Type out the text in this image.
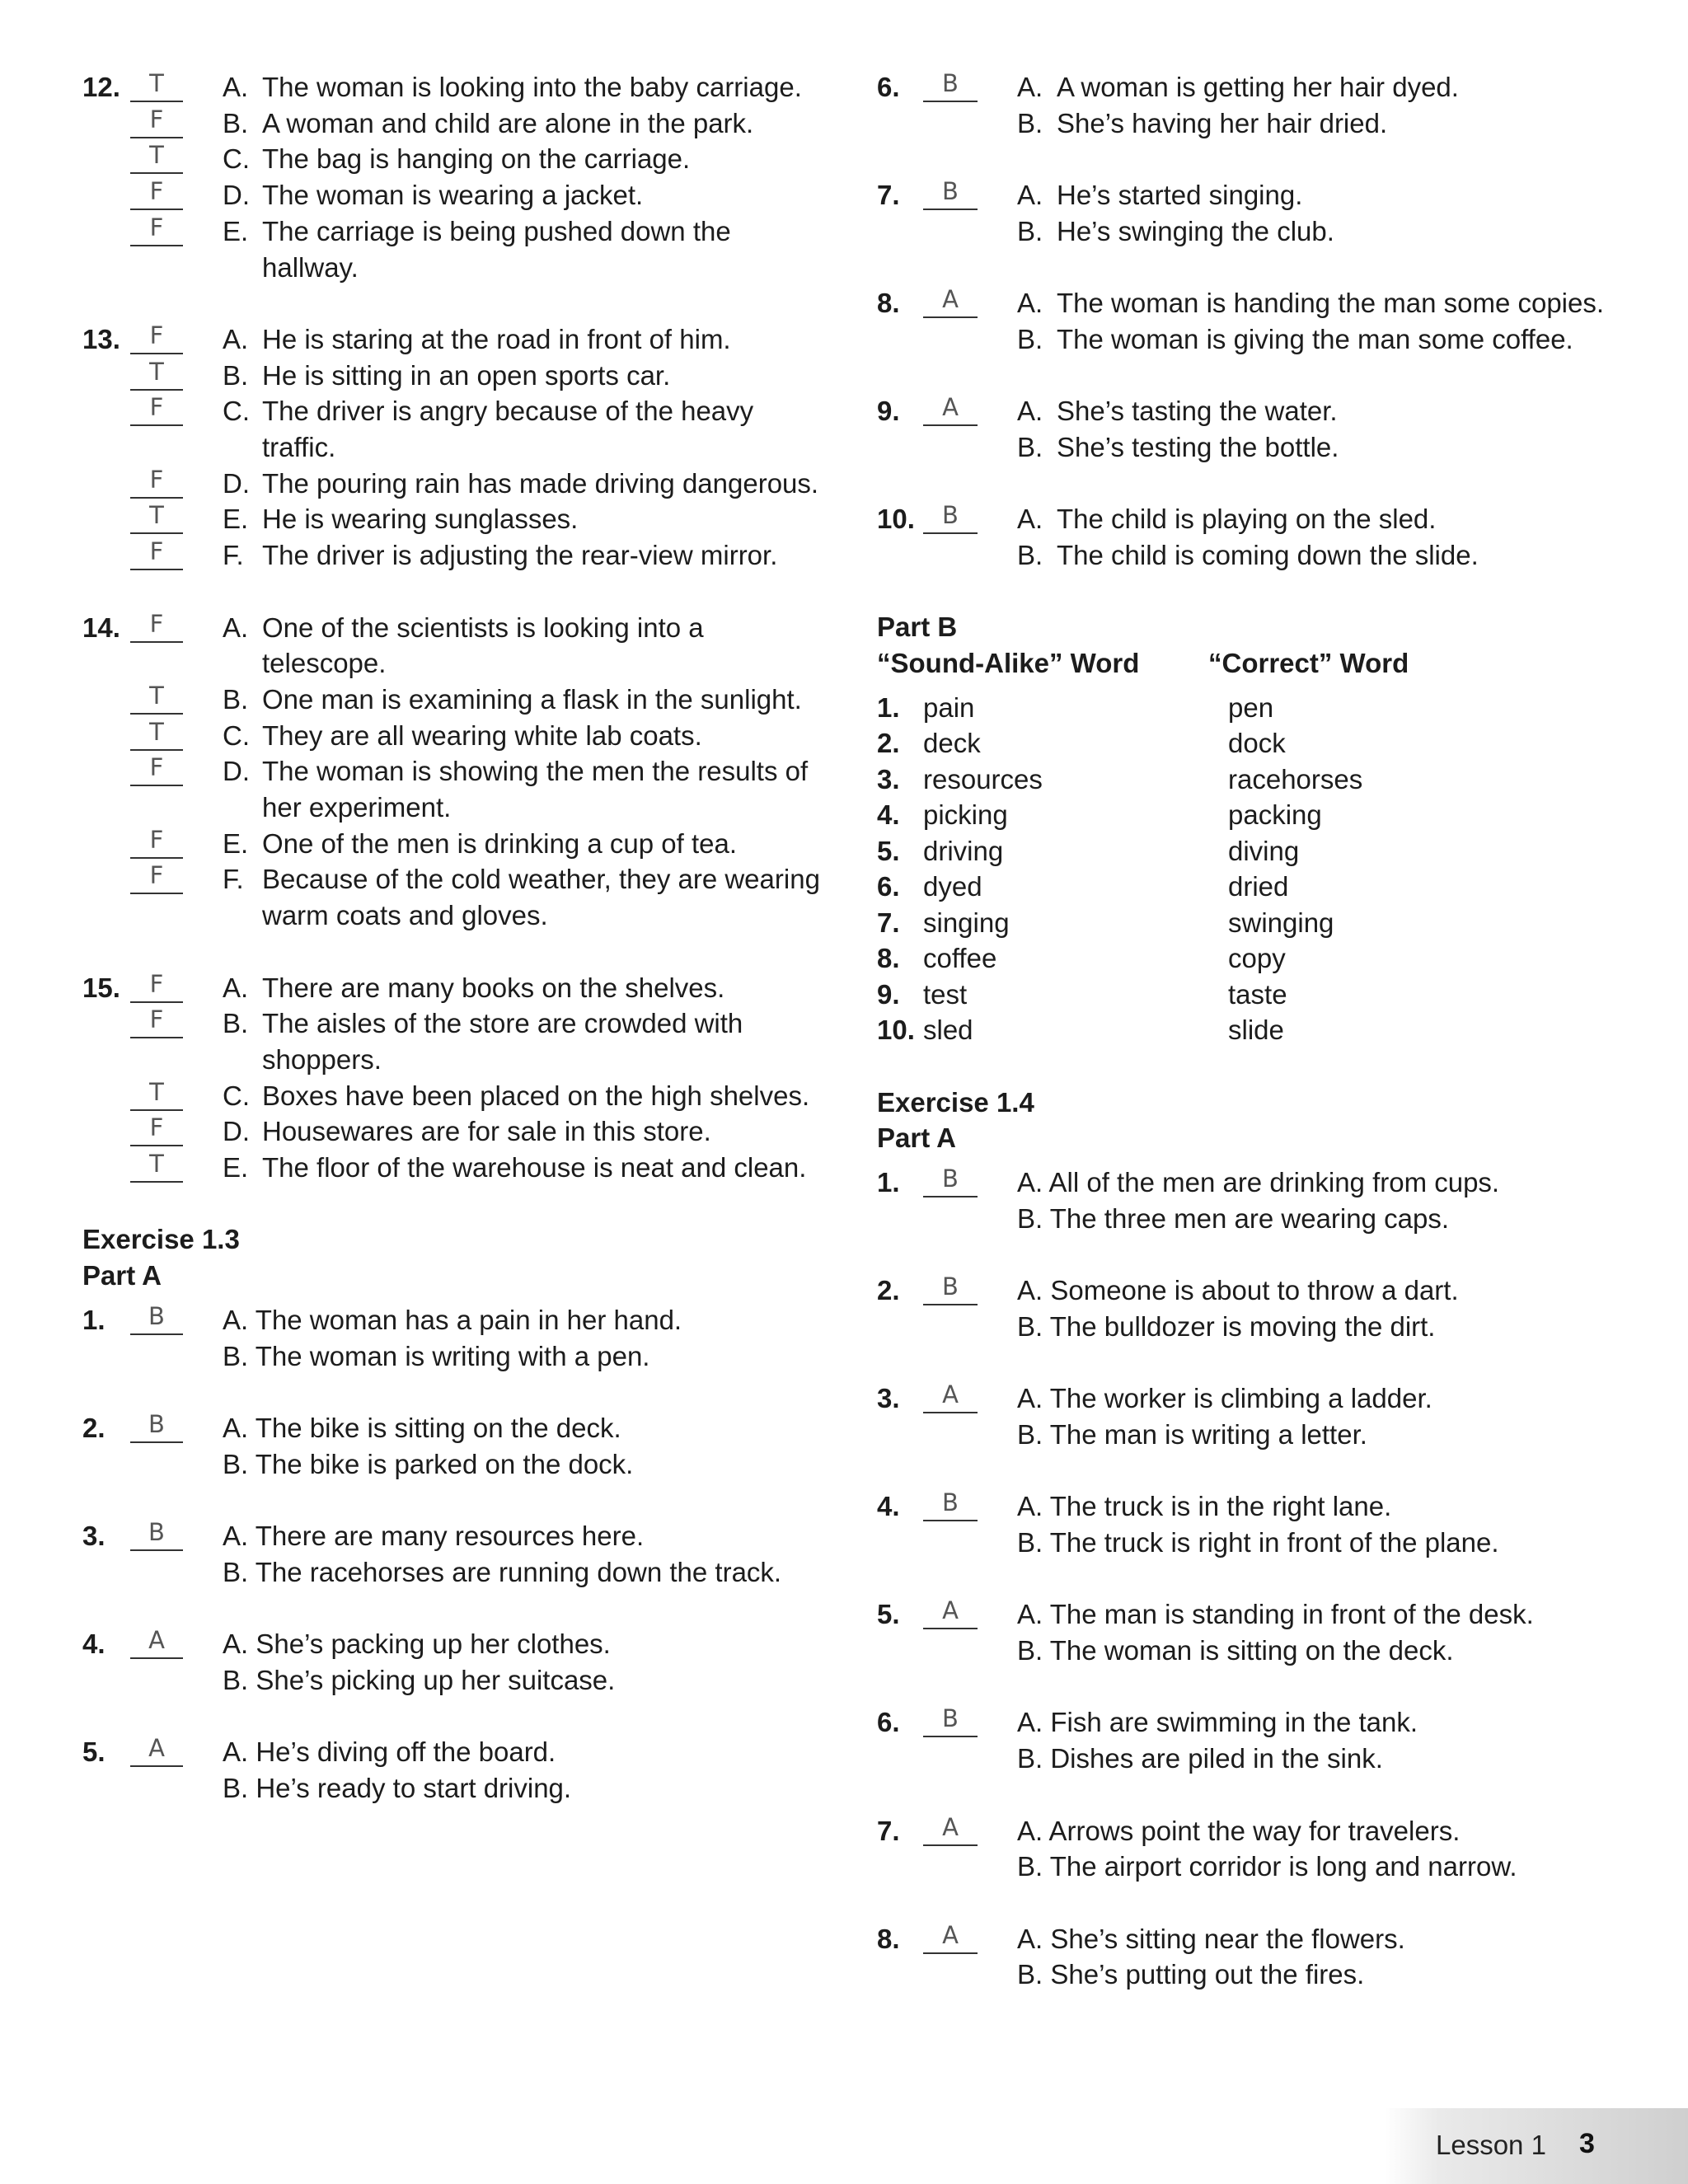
12.	T	A. The woman is looking into the baby carriage.
F	B. A woman and child are alone in the park.
T	C. The bag is hanging on the carriage.
F	D. The woman is wearing a jacket.
F	E. The carriage is being pushed down the hallway.
13.	F	A. He is staring at the road in front of him.
T	B. He is sitting in an open sports car.
F	C. The driver is angry because of the heavy traffic.
F	D. The pouring rain has made driving dangerous.
T	E. He is wearing sunglasses.
F	F. The driver is adjusting the rear-view mirror.
14.	F	A. One of the scientists is looking into a telescope.
T	B. One man is examining a flask in the sunlight.
T	C. They are all wearing white lab coats.
F	D. The woman is showing the men the results of her experiment.
F	E. One of the men is drinking a cup of tea.
F	F. Because of the cold weather, they are wearing warm coats and gloves.
15.	F	A. There are many books on the shelves.
F	B. The aisles of the store are crowded with shoppers.
T	C. Boxes have been placed on the high shelves.
F	D. Housewares are for sale in this store.
T	E. The floor of the warehouse is neat and clean.
Exercise 1.3
Part A
1.	B	A. The woman has a pain in her hand.
B. The woman is writing with a pen.
2.	B	A. The bike is sitting on the deck.
B. The bike is parked on the dock.
3.	B	A. There are many resources here.
B. The racehorses are running down the track.
4.	A	A. She’s packing up her clothes.
B. She’s picking up her suitcase.
5.	A	A. He’s diving off the board.
B. He’s ready to start driving.
6.	B	A. A woman is getting her hair dyed.
B. She’s having her hair dried.
7.	B	A. He’s started singing.
B. He’s swinging the club.
8.	A	A. The woman is handing the man some copies.
B. The woman is giving the man some coffee.
9.	A	A. She’s tasting the water.
B. She’s testing the bottle.
10.	B	A. The child is playing on the sled.
B. The child is coming down the slide.
Part B
“Sound-Alike” Word	“Correct” Word
1. pain	pen
2. deck	dock
3. resources	racehorses
4. picking	packing
5. driving	diving
6. dyed	dried
7. singing	swinging
8. coffee	copy
9. test	taste
10. sled	slide
Exercise 1.4
Part A
1.	B	A. All of the men are drinking from cups.
B. The three men are wearing caps.
2.	B	A. Someone is about to throw a dart.
B. The bulldozer is moving the dirt.
3.	A	A. The worker is climbing a ladder.
B. The man is writing a letter.
4.	B	A. The truck is in the right lane.
B. The truck is right in front of the plane.
5.	A	A. The man is standing in front of the desk.
B. The woman is sitting on the deck.
6.	B	A. Fish are swimming in the tank.
B. Dishes are piled in the sink.
7.	A	A. Arrows point the way for travelers.
B. The airport corridor is long and narrow.
8.	A	A. She’s sitting near the flowers.
B. She’s putting out the fires.
Lesson 1 3
